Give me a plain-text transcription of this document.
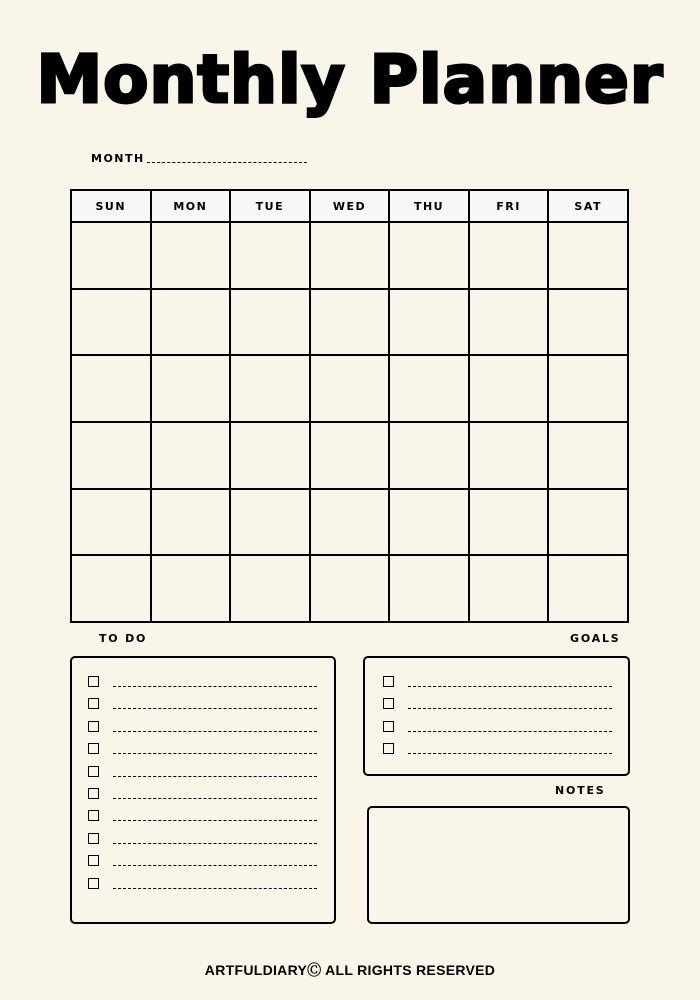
Monthly Planner
MONTH
SUN	MON	TUE	WED	THU	FRI	SAT

TO DO	GOALS
NOTES
ARTFULDIARYⒸ ALL RIGHTS RESERVED
